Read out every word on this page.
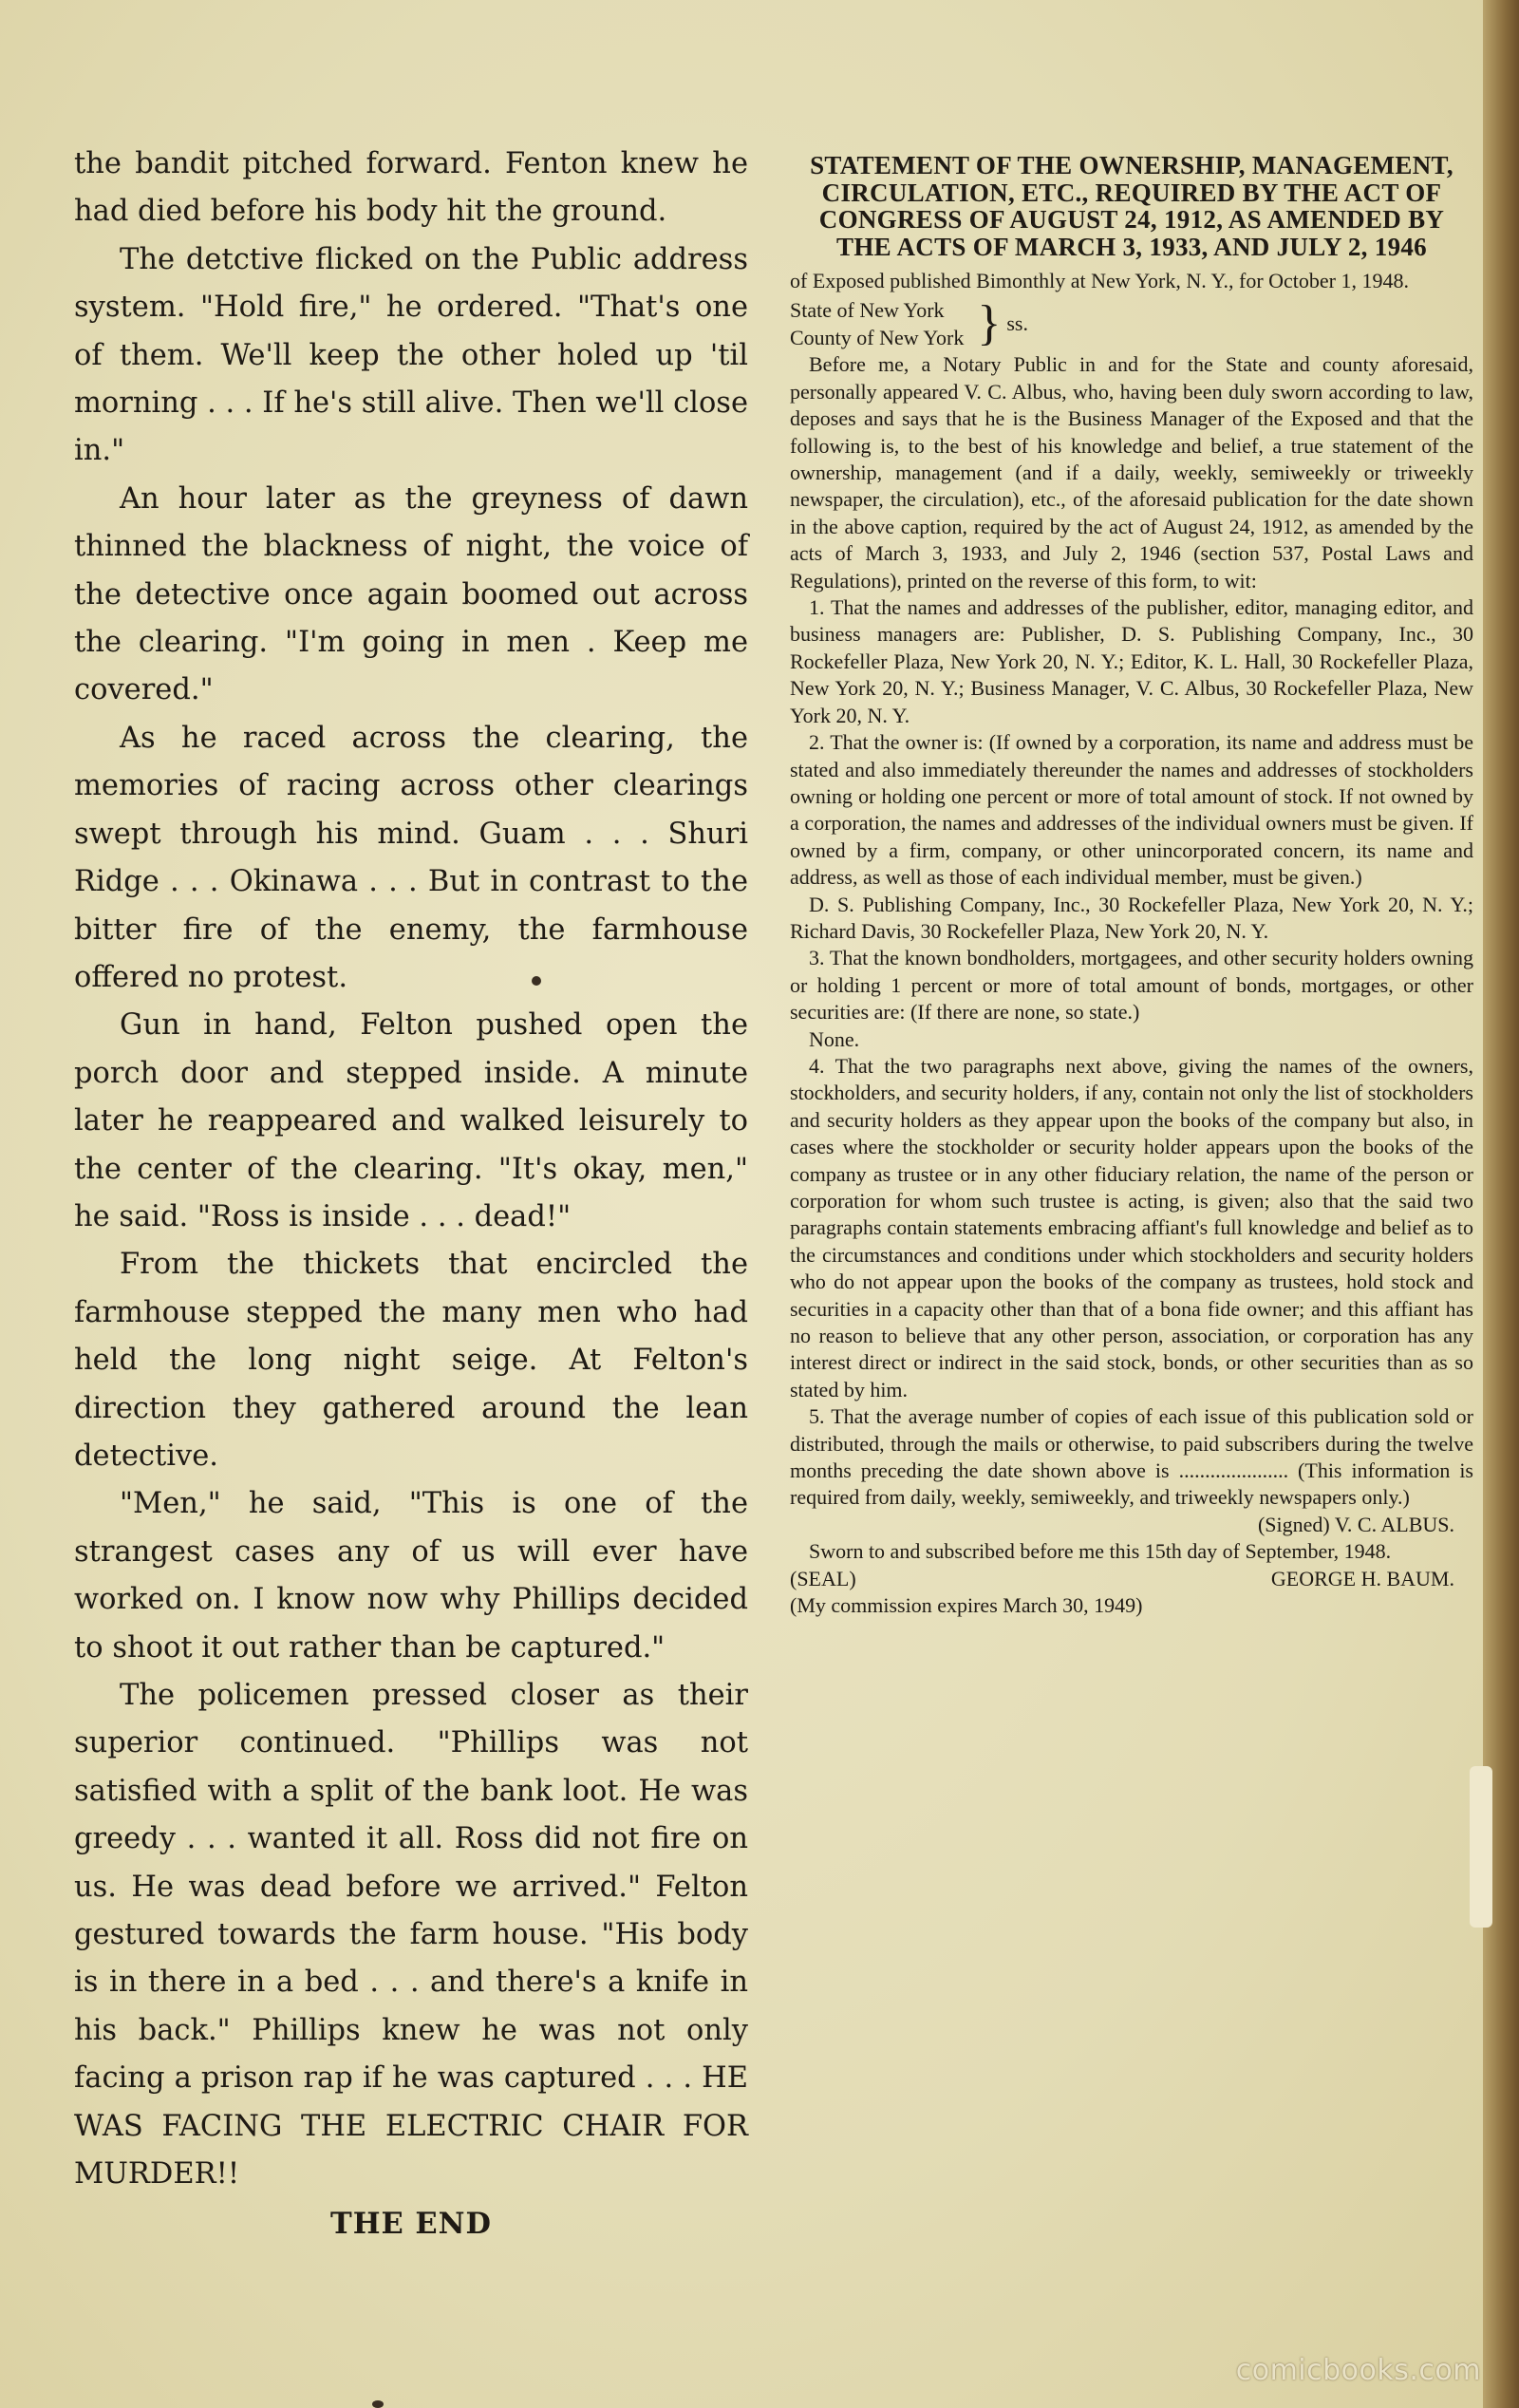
the bandit pitched forward. Fenton knew he had died before his body hit the ground.

The detctive flicked on the Public address system. "Hold fire," he ordered. "That's one of them. We'll keep the other holed up 'til morning . . . If he's still alive. Then we'll close in."

An hour later as the greyness of dawn thinned the blackness of night, the voice of the detective once again boomed out across the clearing. "I'm going in men . Keep me covered."

As he raced across the clearing, the memories of racing across other clearings swept through his mind. Guam . . . Shuri Ridge . . . Okinawa . . . But in contrast to the bitter fire of the enemy, the farmhouse offered no protest.

Gun in hand, Felton pushed open the porch door and stepped inside. A minute later he reappeared and walked leisurely to the center of the clearing. "It's okay, men," he said. "Ross is inside . . . dead!"

From the thickets that encircled the farmhouse stepped the many men who had held the long night seige. At Felton's direction they gathered around the lean detective.

"Men," he said, "This is one of the strangest cases any of us will ever have worked on. I know now why Phillips decided to shoot it out rather than be captured."

The policemen pressed closer as their superior continued. "Phillips was not satisfied with a split of the bank loot. He was greedy . . . wanted it all. Ross did not fire on us. He was dead before we arrived." Felton gestured towards the farm house. "His body is in there in a bed . . . and there's a knife in his back." Phillips knew he was not only facing a prison rap if he was captured . . . HE WAS FACING THE ELECTRIC CHAIR FOR MURDER!!

THE END

STATEMENT OF THE OWNERSHIP, MANAGEMENT, CIRCULATION, ETC., REQUIRED BY THE ACT OF CONGRESS OF AUGUST 24, 1912, AS AMENDED BY THE ACTS OF MARCH 3, 1933, AND JULY 2, 1946

of Exposed published Bimonthly at New York, N. Y., for October 1, 1948.

State of New York
County of New York } ss.

Before me, a Notary Public in and for the State and county aforesaid, personally appeared V. C. Albus, who, having been duly sworn according to law, deposes and says that he is the Business Manager of the Exposed and that the following is, to the best of his knowledge and belief, a true statement of the ownership, management (and if a daily, weekly, semiweekly or triweekly newspaper, the circulation), etc., of the aforesaid publication for the date shown in the above caption, required by the act of August 24, 1912, as amended by the acts of March 3, 1933, and July 2, 1946 (section 537, Postal Laws and Regulations), printed on the reverse of this form, to wit:

1. That the names and addresses of the publisher, editor, managing editor, and business managers are: Publisher, D. S. Publishing Company, Inc., 30 Rockefeller Plaza, New York 20, N. Y.; Editor, K. L. Hall, 30 Rockefeller Plaza, New York 20, N. Y.; Business Manager, V. C. Albus, 30 Rockefeller Plaza, New York 20, N. Y.

2. That the owner is: (If owned by a corporation, its name and address must be stated and also immediately thereunder the names and addresses of stockholders owning or holding one percent or more of total amount of stock. If not owned by a corporation, the names and addresses of the individual owners must be given. If owned by a firm, company, or other unincorporated concern, its name and address, as well as those of each individual member, must be given.)

D. S. Publishing Company, Inc., 30 Rockefeller Plaza, New York 20, N. Y.; Richard Davis, 30 Rockefeller Plaza, New York 20, N. Y.

3. That the known bondholders, mortgagees, and other security holders owning or holding 1 percent or more of total amount of bonds, mortgages, or other securities are: (If there are none, so state.)

None.

4. That the two paragraphs next above, giving the names of the owners, stockholders, and security holders, if any, contain not only the list of stockholders and security holders as they appear upon the books of the company but also, in cases where the stockholder or security holder appears upon the books of the company as trustee or in any other fiduciary relation, the name of the person or corporation for whom such trustee is acting, is given; also that the said two paragraphs contain statements embracing affiant's full knowledge and belief as to the circumstances and conditions under which stockholders and security holders who do not appear upon the books of the company as trustees, hold stock and securities in a capacity other than that of a bona fide owner; and this affiant has no reason to believe that any other person, association, or corporation has any interest direct or indirect in the said stock, bonds, or other securities than as so stated by him.

5. That the average number of copies of each issue of this publication sold or distributed, through the mails or otherwise, to paid subscribers during the twelve months preceding the date shown above is ..................... (This information is required from daily, weekly, semiweekly, and triweekly newspapers only.)

(Signed) V. C. ALBUS.

Sworn to and subscribed before me this 15th day of September, 1948.

(SEAL)	GEORGE H. BAUM.

(My commission expires March 30, 1949)

comicbooks.com
